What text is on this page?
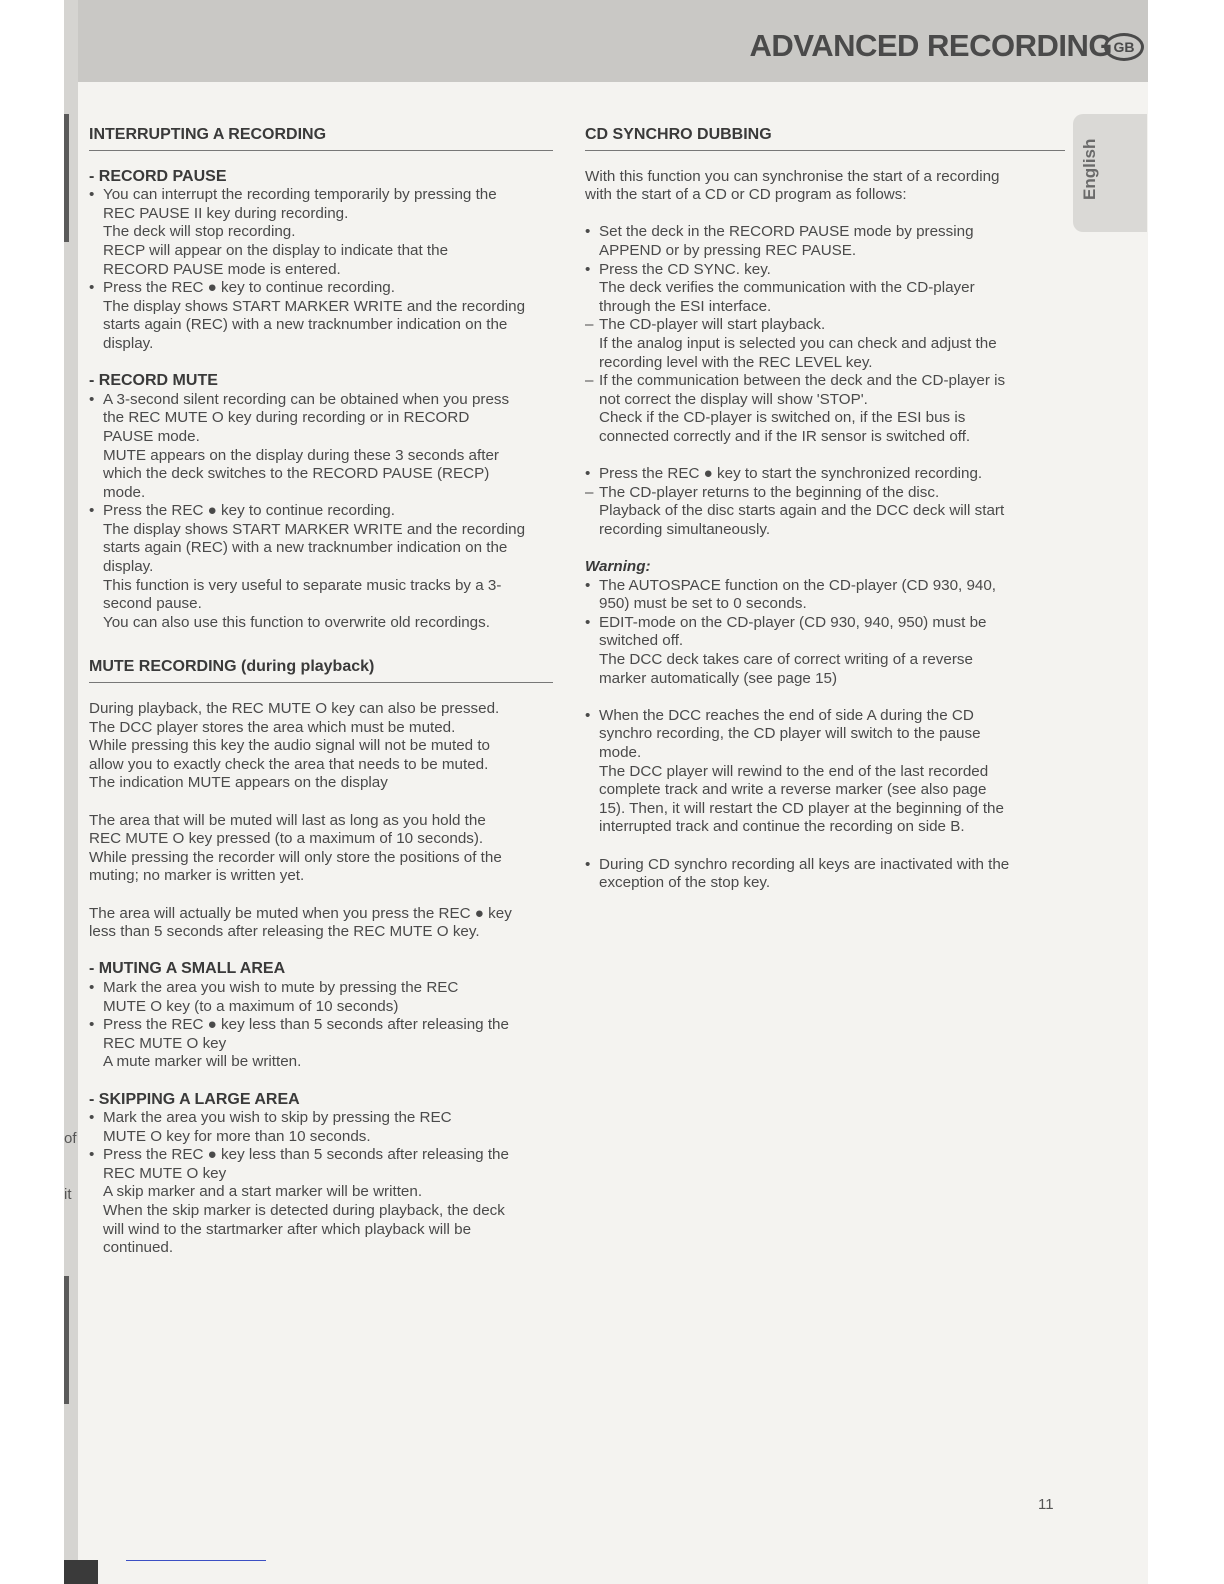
of
it
ADVANCED RECORDING GB
English
INTERRUPTING A RECORDING
- RECORD PAUSE
• You can interrupt the recording temporarily by pressing the
REC PAUSE II key during recording.
The deck will stop recording.
RECP will appear on the display to indicate that the
RECORD PAUSE mode is entered.
• Press the REC ● key to continue recording.
The display shows START MARKER WRITE and the recording
starts again (REC) with a new tracknumber indication on the
display.
- RECORD MUTE
• A 3-second silent recording can be obtained when you press
the REC MUTE O key during recording or in RECORD
PAUSE mode.
MUTE appears on the display during these 3 seconds after
which the deck switches to the RECORD PAUSE (RECP)
mode.
• Press the REC ● key to continue recording.
The display shows START MARKER WRITE and the recording
starts again (REC) with a new tracknumber indication on the
display.
This function is very useful to separate music tracks by a 3-
second pause.
You can also use this function to overwrite old recordings.
MUTE RECORDING (during playback)
During playback, the REC MUTE O key can also be pressed.
The DCC player stores the area which must be muted.
While pressing this key the audio signal will not be muted to
allow you to exactly check the area that needs to be muted.
The indication MUTE appears on the display
The area that will be muted will last as long as you hold the
REC MUTE O key pressed (to a maximum of 10 seconds).
While pressing the recorder will only store the positions of the
muting; no marker is written yet.
The area will actually be muted when you press the REC ● key
less than 5 seconds after releasing the REC MUTE O key.
- MUTING A SMALL AREA
• Mark the area you wish to mute by pressing the REC
MUTE O key (to a maximum of 10 seconds)
• Press the REC ● key less than 5 seconds after releasing the
REC MUTE O key
A mute marker will be written.
- SKIPPING A LARGE AREA
• Mark the area you wish to skip by pressing the REC
MUTE O key for more than 10 seconds.
• Press the REC ● key less than 5 seconds after releasing the
REC MUTE O key
A skip marker and a start marker will be written.
When the skip marker is detected during playback, the deck
will wind to the startmarker after which playback will be
continued.
CD SYNCHRO DUBBING
With this function you can synchronise the start of a recording
with the start of a CD or CD program as follows:
• Set the deck in the RECORD PAUSE mode by pressing
APPEND or by pressing REC PAUSE.
• Press the CD SYNC. key.
The deck verifies the communication with the CD-player
through the ESI interface.
– The CD-player will start playback.
If the analog input is selected you can check and adjust the
recording level with the REC LEVEL key.
– If the communication between the deck and the CD-player is
not correct the display will show 'STOP'.
Check if the CD-player is switched on, if the ESI bus is
connected correctly and if the IR sensor is switched off.
• Press the REC ● key to start the synchronized recording.
– The CD-player returns to the beginning of the disc.
Playback of the disc starts again and the DCC deck will start
recording simultaneously.
Warning:
• The AUTOSPACE function on the CD-player (CD 930, 940,
950) must be set to 0 seconds.
• EDIT-mode on the CD-player (CD 930, 940, 950) must be
switched off.
The DCC deck takes care of correct writing of a reverse
marker automatically (see page 15)
• When the DCC reaches the end of side A during the CD
synchro recording, the CD player will switch to the pause
mode.
The DCC player will rewind to the end of the last recorded
complete track and write a reverse marker (see also page
15). Then, it will restart the CD player at the beginning of the
interrupted track and continue the recording on side B.
• During CD synchro recording all keys are inactivated with the
exception of the stop key.
11
